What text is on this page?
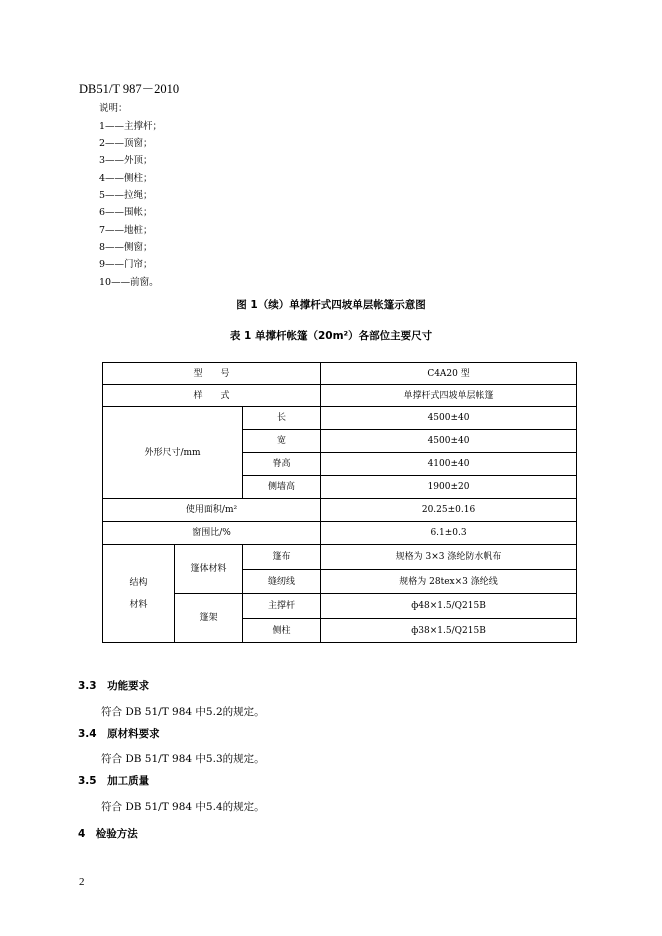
DB51/T 987－2010
说明：
1——主撑杆；
2——顶窗；
3——外顶；
4——侧柱；
5——拉绳；
6——围帐；
7——地桩；
8——侧窗；
9——门帘；
10——前窗。
图 1（续）单撑杆式四坡单层帐篷示意图
表 1 单撑杆帐篷（20m²）各部位主要尺寸
型　　号			C4A20 型
样　　式			单撑杆式四坡单层帐篷
外形尺寸/mm		长	4500±40
		宽	4500±40
		脊高	4100±40
		侧墙高	1900±20
使用面积/m²			20.25±0.16
窗围比/%			6.1±0.3

结构
材料	篷体材料	篷布	规格为 3×3 涤纶防水帆布
		缝纫线	规格为 28tex×3 涤纶线
	篷架	主撑杆	ф48×1.5/Q215B
		侧柱	ф38×1.5/Q215B
3.3　功能要求
符合 DB 51/T 984 中5.2的规定。
3.4　原材料要求
符合 DB 51/T 984 中5.3的规定。
3.5　加工质量
符合 DB 51/T 984 中5.4的规定。
4　检验方法
2
